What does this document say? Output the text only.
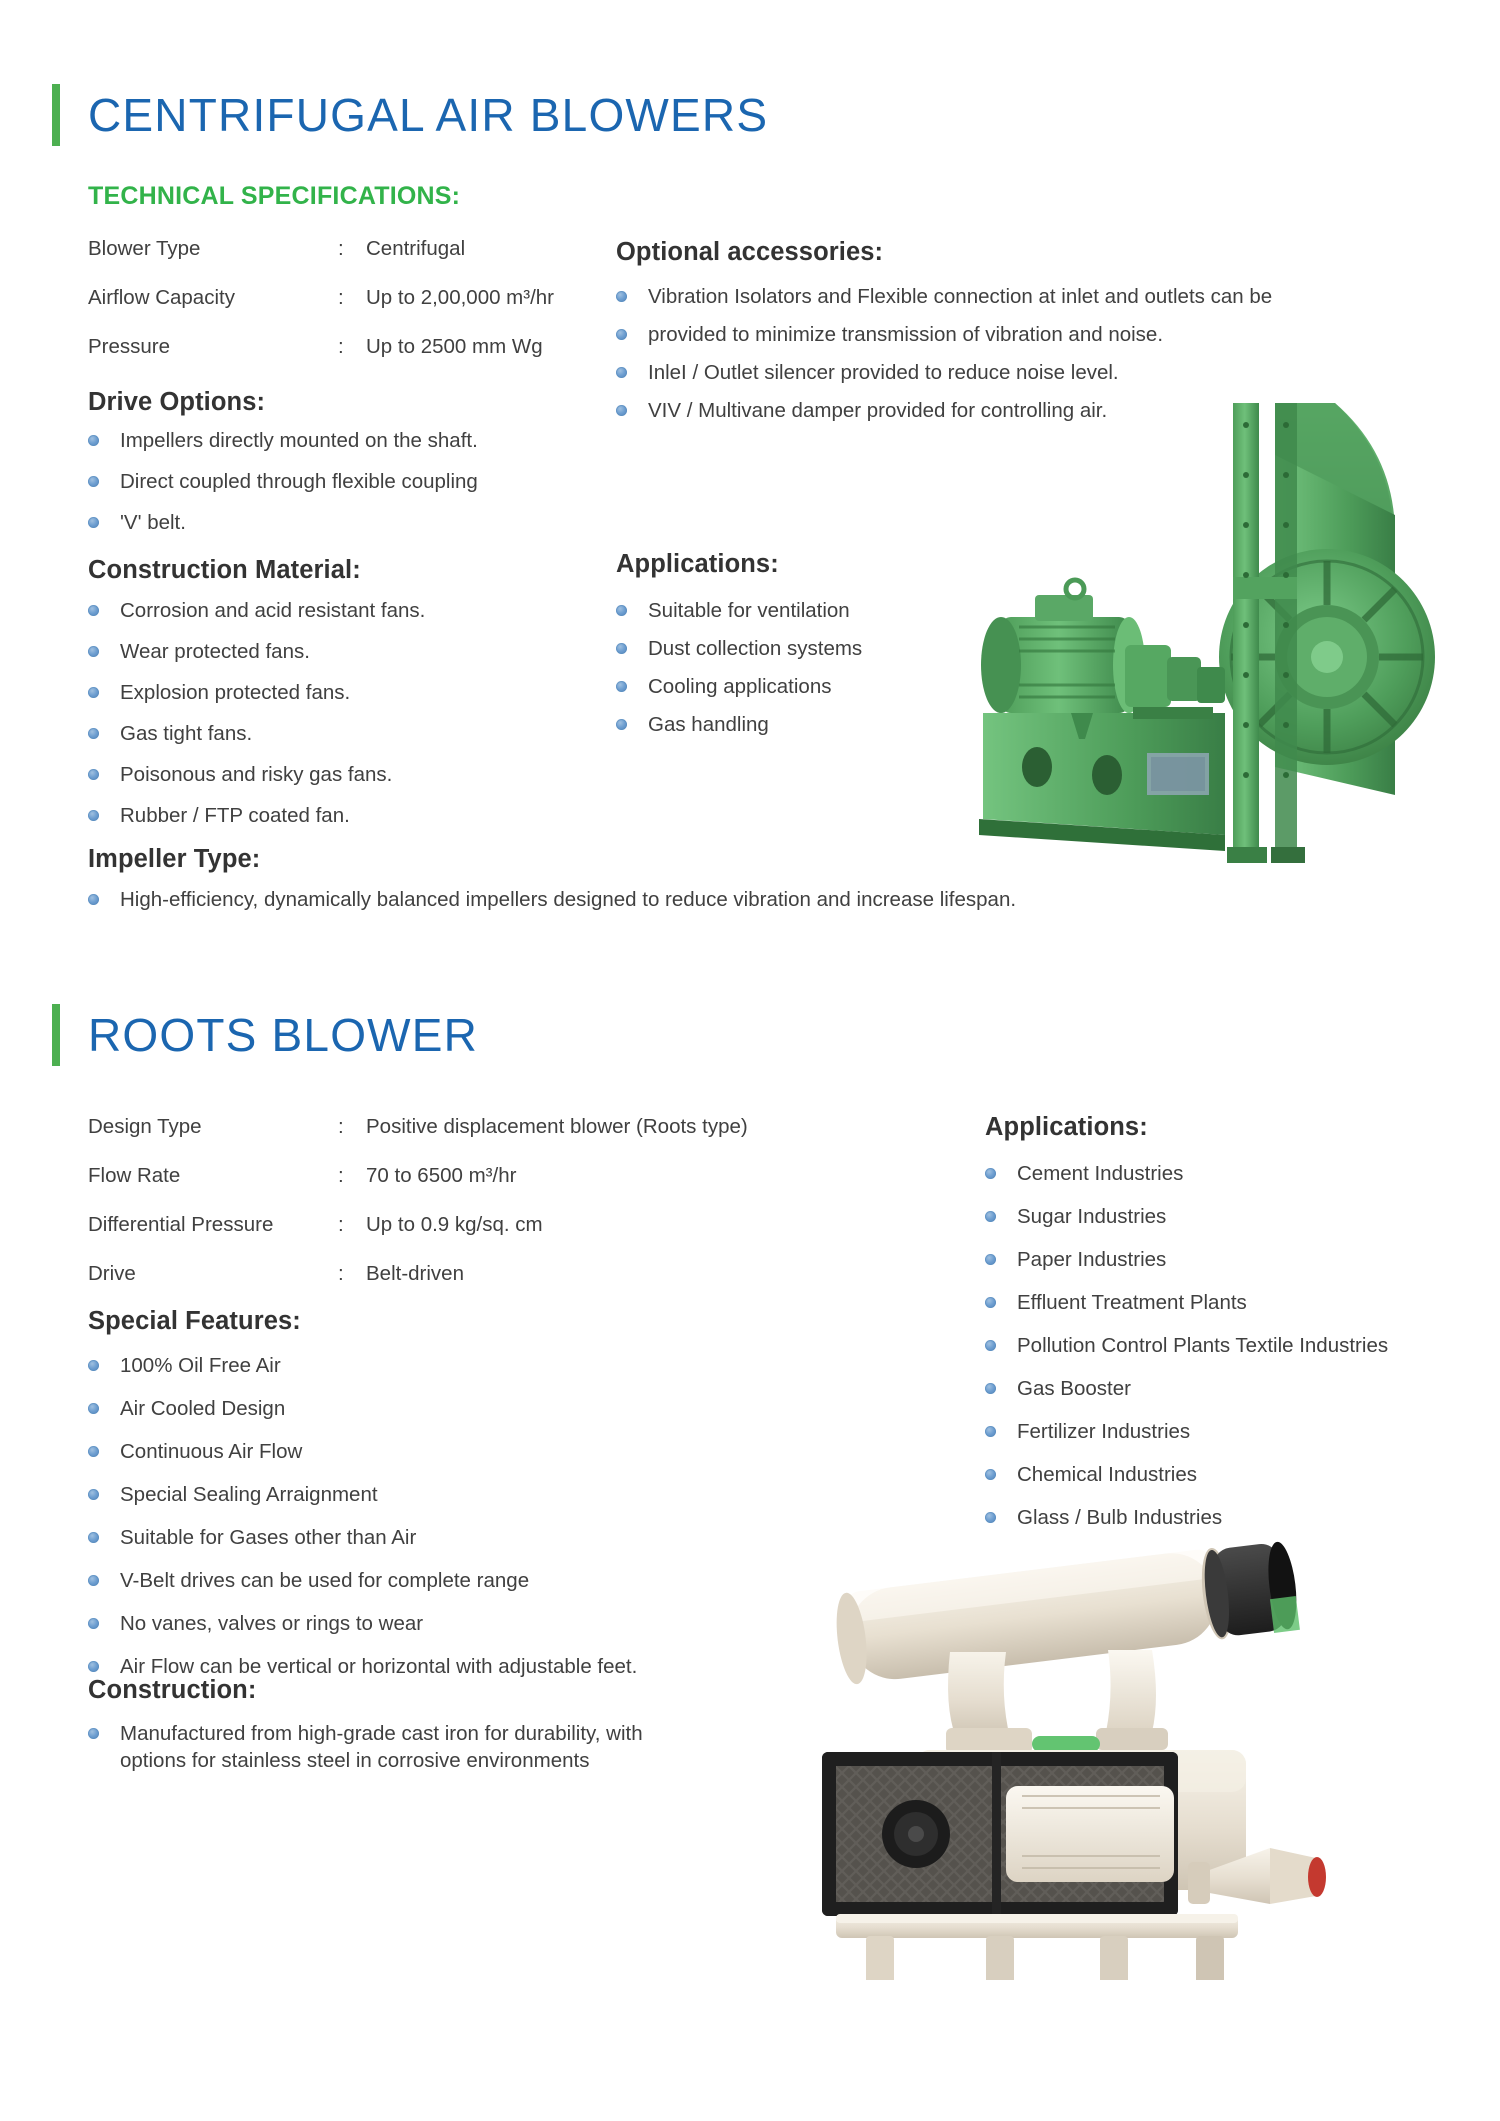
CENTRIFUGAL AIR BLOWERS
TECHNICAL SPECIFICATIONS:
Blower Type	:	Centrifugal
Airflow Capacity	:	Up to 2,00,000 m³/hr
Pressure	:	Up to 2500 mm Wg
Drive Options:
Impellers directly mounted on the shaft.
Direct coupled through flexible coupling
'V' belt.
Construction Material:
Corrosion and acid resistant fans.
Wear protected fans.
Explosion protected fans.
Gas tight fans.
Poisonous and risky gas fans.
Rubber / FTP coated fan.
Impeller Type:
High-efficiency, dynamically balanced impellers designed to reduce vibration and increase lifespan.
Optional accessories:
Vibration Isolators and Flexible connection at inlet and outlets can be
provided to minimize transmission of vibration and noise.
InleI / Outlet silencer provided to reduce noise level.
VIV / Multivane damper provided for controlling air.
Applications:
Suitable for ventilation
Dust collection systems
Cooling applications
Gas handling
ROOTS BLOWER
Design Type	:	Positive displacement blower (Roots type)
Flow Rate	:	70 to 6500 m³/hr
Differential Pressure	:	Up to 0.9 kg/sq. cm
Drive	:	Belt-driven
Special Features:
100% Oil Free Air
Air Cooled Design
Continuous Air Flow
Special Sealing Arraignment
Suitable for Gases other than Air
V-Belt drives can be used for complete range
No vanes, valves or rings to wear
Air Flow can be vertical or horizontal with adjustable feet.
Construction:
Manufactured from high-grade cast iron for durability, with options for stainless steel in corrosive environments
Applications:
Cement Industries
Sugar Industries
Paper Industries
Effluent Treatment Plants
Pollution Control Plants Textile Industries
Gas Booster
Fertilizer Industries
Chemical Industries
Glass / Bulb Industries
